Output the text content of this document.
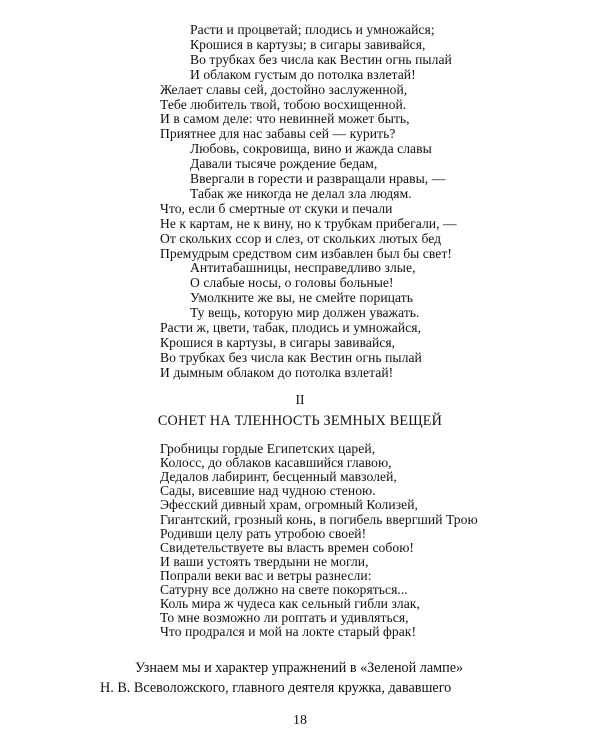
Расти и процветай; плодись и умножайся;
Крошися в картузы; в сигары завивайся,
Во трубках без числа как Вестин огнь пылай
И облаком густым до потолка взлетай!
Желает славы сей, достойно заслуженной,
Тебе любитель твой, тобою восхищенной.
И в самом деле: что невинней может быть,
Приятнее для нас забавы сей — курить?
Любовь, сокровища, вино и жажда славы
Давали тысяче рождение бедам,
Ввергали в горести и развращали нравы, —
Табак же никогда не делал зла людям.
Что, если б смертные от скуки и печали
Не к картам, не к вину, но к трубкам прибегали, —
От скольких ссор и слез, от скольких лютых бед
Премудрым средством сим избавлен был бы свет!
Антитабашницы, несправедливо злые,
О слабые носы, о головы больные!
Умолкните же вы, не смейте порицать
Ту вещь, которую мир должен уважать.
Расти ж, цвети, табак, плодись и умножайся,
Крошися в картузы, в сигары завивайся,
Во трубках без числа как Вестин огнь пылай
И дымным облаком до потолка взлетай!
II
СОНЕТ НА ТЛЕННОСТЬ ЗЕМНЫХ ВЕЩЕЙ
Гробницы гордые Египетских царей,
Колосс, до облаков касавшийся главою,
Дедалов лабиринт, бесценный мавзолей,
Сады, висевшие над чудною стеною.
Эфесский дивный храм, огромный Колизей,
Гигантский, грозный конь, в погибель ввергший Трою
Родивши целу рать утробою своей!
Свидетельствуете вы власть времен собою!
И ваши устоять твердыни не могли,
Попрали веки вас и ветры разнесли:
Сатурну все должно на свете покоряться...
Коль мира ж чудеса как сельный гибли злак,
То мне возможно ли роптать и удивляться,
Что продрался и мой на локте старый фрак!
Узнаем мы и характер упражнений в «Зеленой лампе»
Н. В. Всеволожского, главного деятеля кружка, дававшего
18
